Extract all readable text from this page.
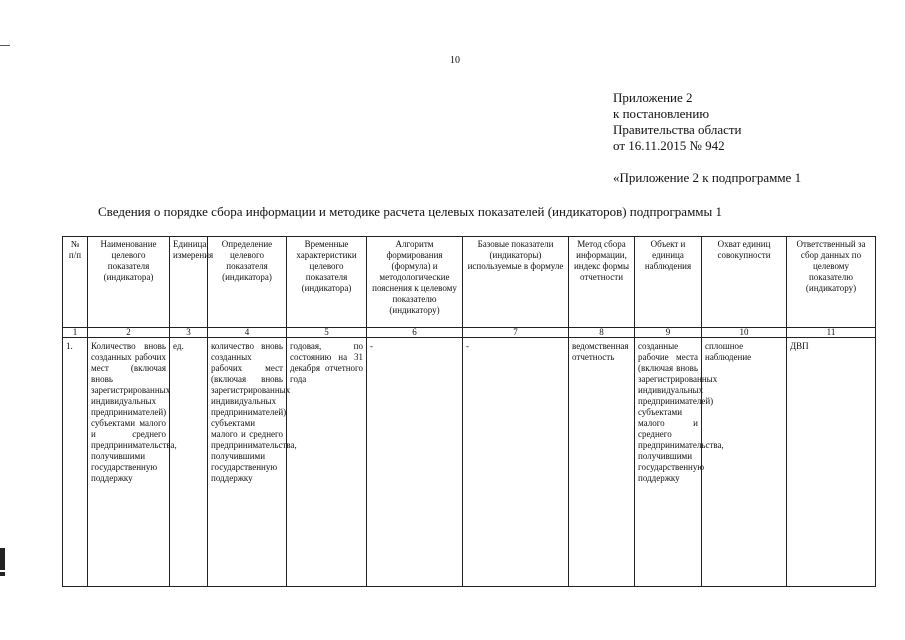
10
Приложение 2
к постановлению
Правительства области
от 16.11.2015 № 942
«Приложение 2 к подпрограмме 1
Сведения о порядке сбора информации и методике расчета целевых показателей (индикаторов) подпрограммы 1
№ п/п	Наименование целевого показателя (индикатора)	Единица измерения	Определение целевого показателя (индикатора)	Временные характеристики целевого показателя (индикатора)	Алгоритм формирования (формула) и методологические пояснения к целевому показателю (индикатору)	Базовые показатели (индикаторы) используемые в формуле	Метод сбора информации, индекс формы отчетности	Объект и единица наблюдения	Охват единиц совокупности	Ответственный за сбор данных по целевому показателю (индикатору)
1	2	3	4	5	6	7	8	9	10	11
1.	Количество вновь созданных рабочих мест (включая вновь зарегистрированных индивидуальных предпринимателей) субъектами малого и среднего предпринимательства, получившими государственную поддержку	ед.	количество вновь созданных рабочих мест (включая вновь зарегистрированных индивидуальных предпринимателей) субъектами малого и среднего предпринимательства, получившими государственную поддержку	годовая, по состоянию на 31 декабря отчетного года	-	-	ведомственная отчетность	созданные рабочие места (включая вновь зарегистрированных индивидуальных предпринимателей) субъектами малого и среднего предпринимательства, получившими государственную поддержку	сплошное наблюдение	ДВП
